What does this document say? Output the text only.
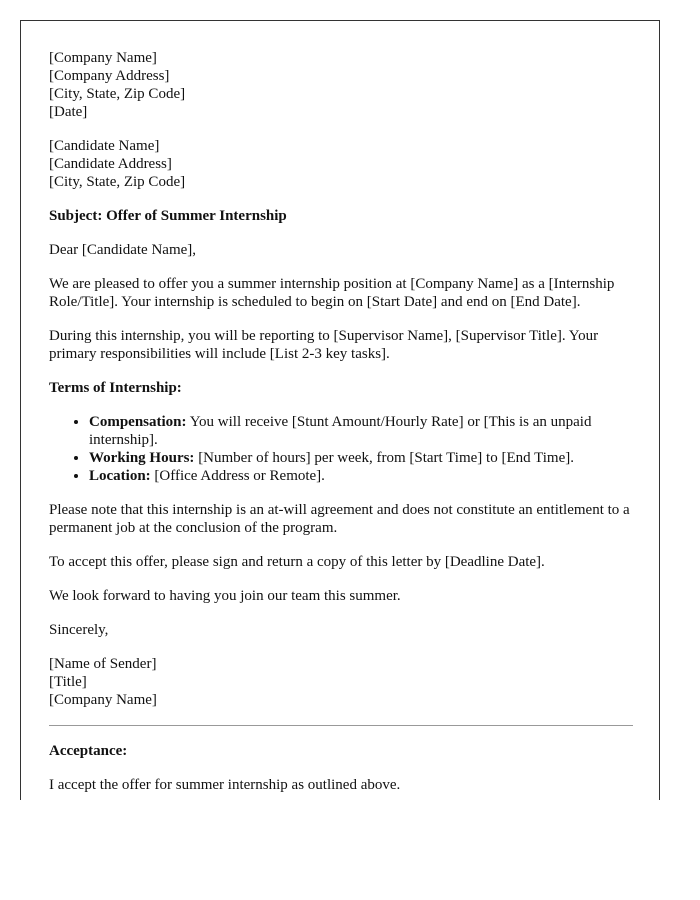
[Company Name]
[Company Address]
[City, State, Zip Code]
[Date]
[Candidate Name]
[Candidate Address]
[City, State, Zip Code]

Subject: Offer of Summer Internship

Dear [Candidate Name],

We are pleased to offer you a summer internship position at [Company Name] as a [Internship Role/Title]. Your internship is scheduled to begin on [Start Date] and end on [End Date].

During this internship, you will be reporting to [Supervisor Name], [Supervisor Title]. Your primary responsibilities will include [List 2-3 key tasks].

Terms of Internship:

• Compensation: You will receive [Stunt Amount/Hourly Rate] or [This is an unpaid internship].
• Working Hours: [Number of hours] per week, from [Start Time] to [End Time].
• Location: [Office Address or Remote].

Please note that this internship is an at-will agreement and does not constitute an entitlement to a permanent job at the conclusion of the program.

To accept this offer, please sign and return a copy of this letter by [Deadline Date].

We look forward to having you join our team this summer.

Sincerely,

[Name of Sender]
[Title]
[Company Name]

Acceptance:

I accept the offer for summer internship as outlined above.
